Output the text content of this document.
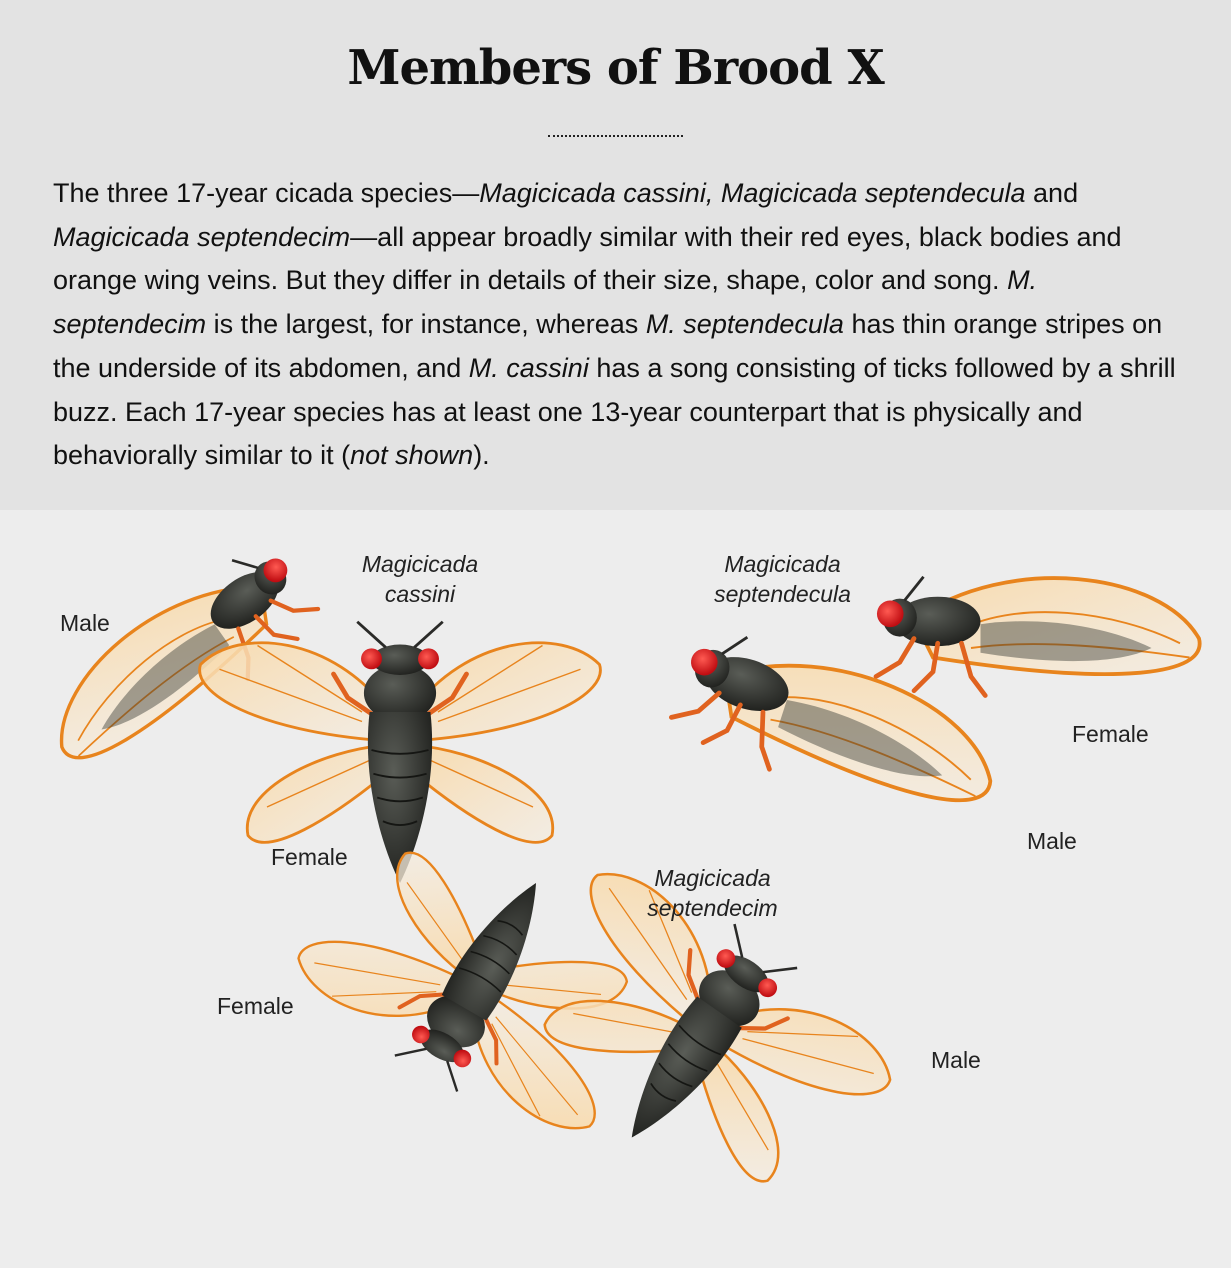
Members of Brood X
The three 17-year cicada species—Magicicada cassini, Magicicada septendecula and Magicicada septendecim—all appear broadly similar with their red eyes, black bodies and orange wing veins. But they differ in details of their size, shape, color and song. M. septendecim is the largest, for instance, whereas M. septendecula has thin orange stripes on the underside of its abdomen, and M. cassini has a song consisting of ticks followed by a shrill buzz. Each 17-year species has at least one 13-year counterpart that is physically and behaviorally similar to it (not shown).
Magicicada
cassini
Male
Female
Magicicada
septendecula
Female
Male
Magicicada
septendecim
Female
Male
